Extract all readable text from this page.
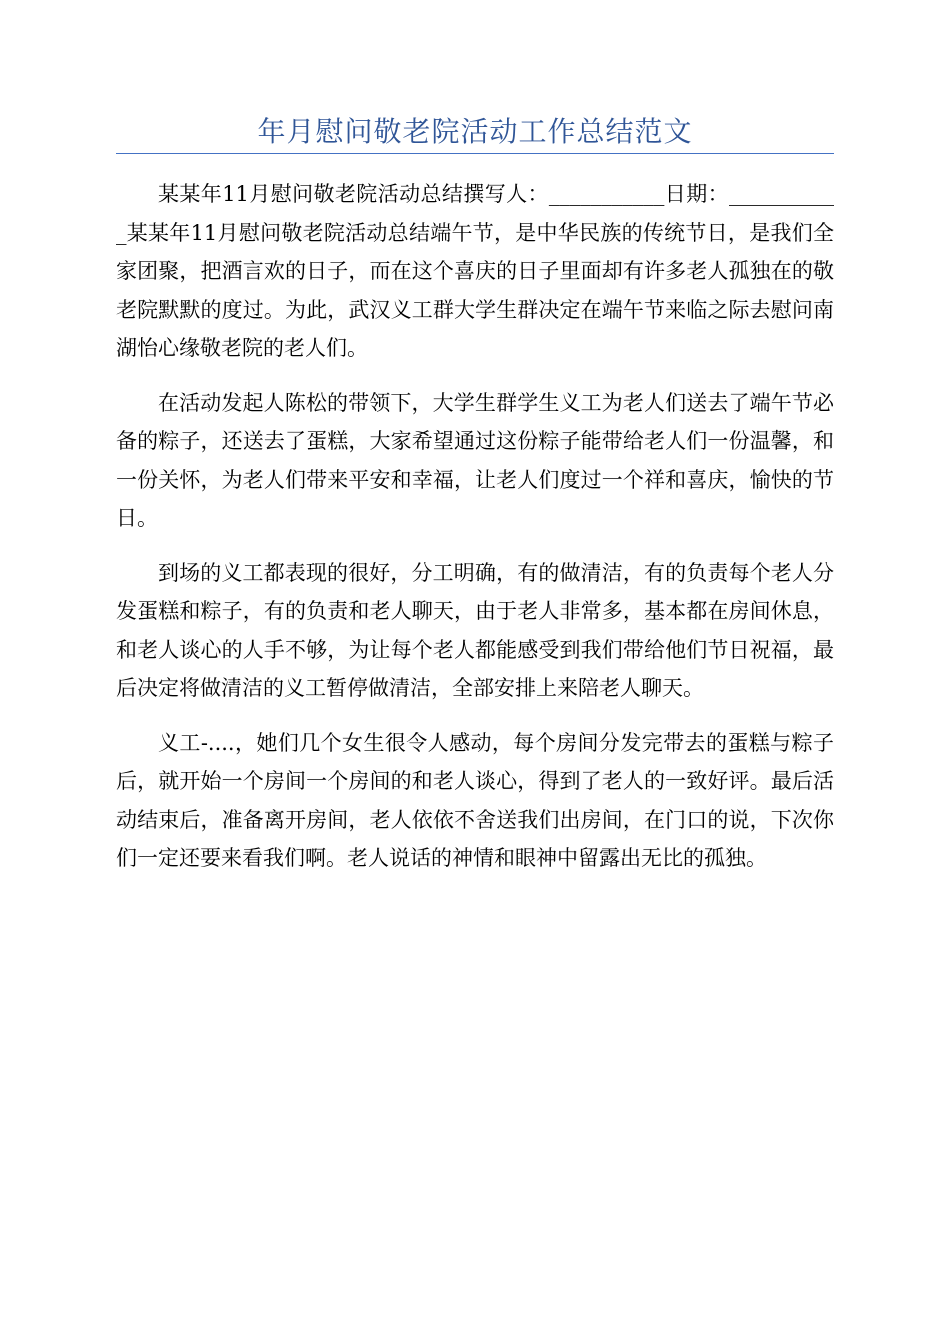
年月慰问敬老院活动工作总结范文

某某年11月慰问敬老院活动总结撰写人：___________日期：___________某某年11月慰问敬老院活动总结端午节，是中华民族的传统节日，是我们全家团聚，把酒言欢的日子，而在这个喜庆的日子里面却有许多老人孤独在的敬老院默默的度过。为此，武汉义工群大学生群决定在端午节来临之际去慰问南湖怡心缘敬老院的老人们。

在活动发起人陈松的带领下，大学生群学生义工为老人们送去了端午节必备的粽子，还送去了蛋糕，大家希望通过这份粽子能带给老人们一份温馨，和一份关怀，为老人们带来平安和幸福，让老人们度过一个祥和喜庆，愉快的节日。

到场的义工都表现的很好，分工明确，有的做清洁，有的负责每个老人分发蛋糕和粽子，有的负责和老人聊天，由于老人非常多，基本都在房间休息，和老人谈心的人手不够，为让每个老人都能感受到我们带给他们节日祝福，最后决定将做清洁的义工暂停做清洁，全部安排上来陪老人聊天。

义工-....，她们几个女生很令人感动，每个房间分发完带去的蛋糕与粽子后，就开始一个房间一个房间的和老人谈心，得到了老人的一致好评。最后活动结束后，准备离开房间，老人依依不舍送我们出房间，在门口的说，下次你们一定还要来看我们啊。老人说话的神情和眼神中留露出无比的孤独。
